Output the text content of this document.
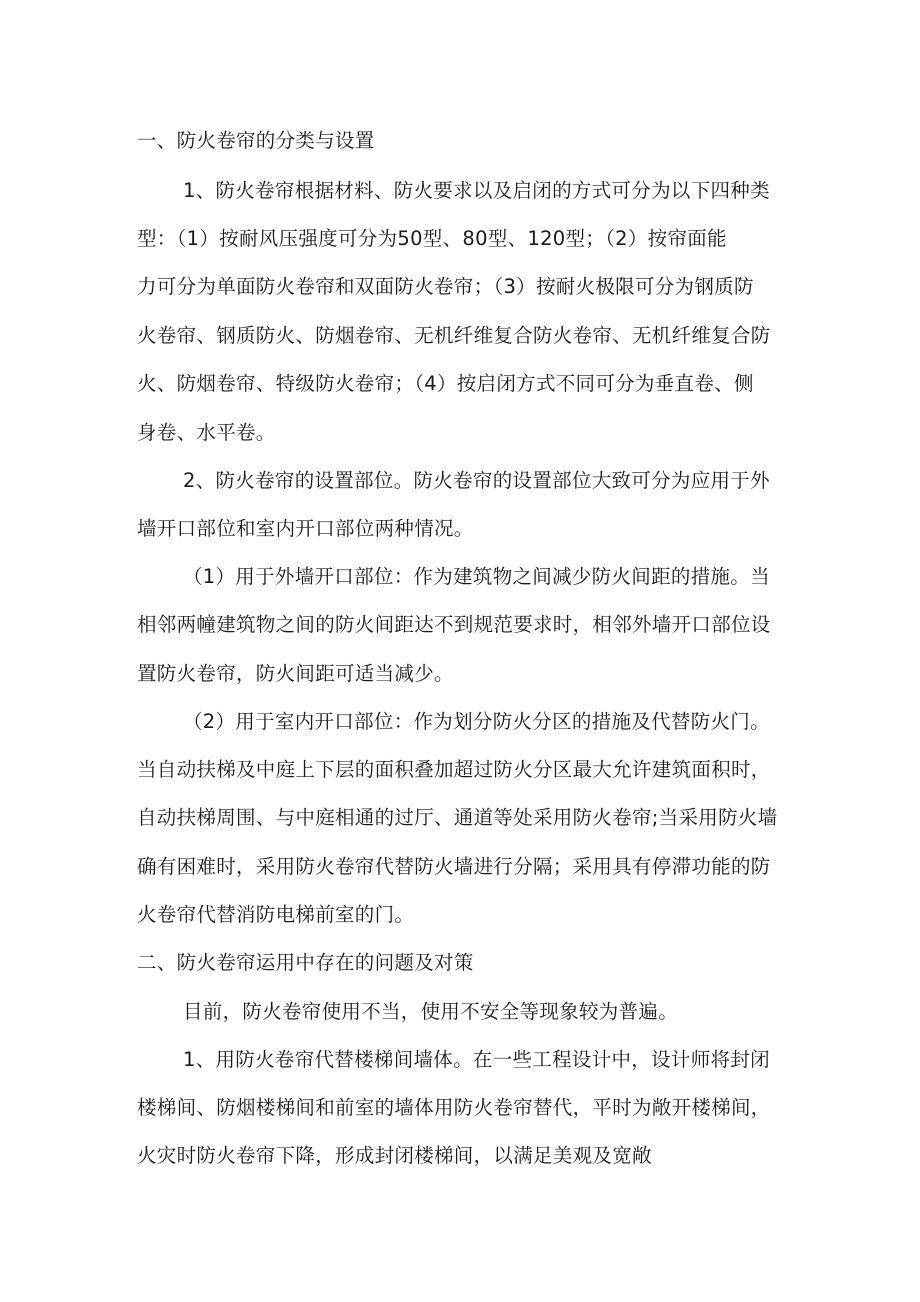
一、防火卷帘的分类与设置
1、防火卷帘根据材料、防火要求以及启闭的方式可分为以下四种类
型：（1）按耐风压强度可分为50型、80型、120型；（2）按帘面能
力可分为单面防火卷帘和双面防火卷帘；（3）按耐火极限可分为钢质防
火卷帘、钢质防火、防烟卷帘、无机纤维复合防火卷帘、无机纤维复合防
火、防烟卷帘、特级防火卷帘；（4）按启闭方式不同可分为垂直卷、侧
身卷、水平卷。
2、防火卷帘的设置部位。防火卷帘的设置部位大致可分为应用于外
墙开口部位和室内开口部位两种情况。
（1）用于外墙开口部位：作为建筑物之间减少防火间距的措施。当
相邻两幢建筑物之间的防火间距达不到规范要求时，相邻外墙开口部位设
置防火卷帘，防火间距可适当减少。
（2）用于室内开口部位：作为划分防火分区的措施及代替防火门。
当自动扶梯及中庭上下层的面积叠加超过防火分区最大允许建筑面积时，
自动扶梯周围、与中庭相通的过厅、通道等处采用防火卷帘;当采用防火墙
确有困难时，采用防火卷帘代替防火墙进行分隔；采用具有停滞功能的防
火卷帘代替消防电梯前室的门。
二、防火卷帘运用中存在的问题及对策
目前，防火卷帘使用不当，使用不安全等现象较为普遍。
1、用防火卷帘代替楼梯间墙体。在一些工程设计中，设计师将封闭
楼梯间、防烟楼梯间和前室的墙体用防火卷帘替代，平时为敞开楼梯间，
火灾时防火卷帘下降，形成封闭楼梯间，以满足美观及宽敞
